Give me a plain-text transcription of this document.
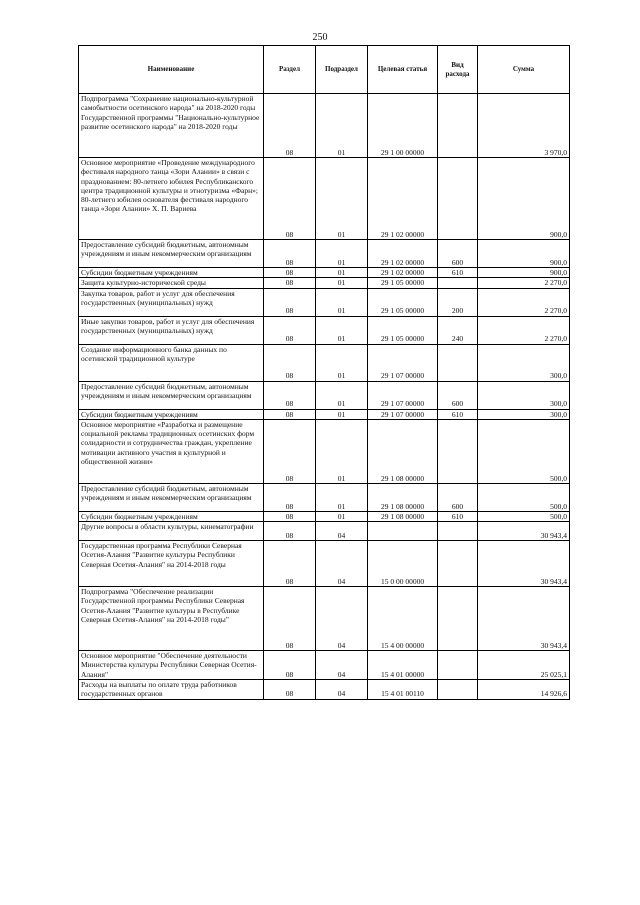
250
Наименование	Раздел	Подраздел	Целевая статья	Вид расхода	Сумма
Подпрограмма "Сохранение национально-культурной самобытности осетинского народа" на 2018-2020 годы Государственной программы "Национально-культурное развитие осетинского народа" на 2018-2020 годы	08	01	29 1 00 00000		3 970,0
Основное мероприятие «Проведение международного фестиваля народного танца «Зори Алании» в связи с празднованием: 80-летнего юбилея Республиканского центра традиционной культуры и этнотуризма «Фарн»; 80-летнего юбилея основателя фестиваля народного танца «Зори Алании» Х. П. Вариева	08	01	29 1 02 00000		900,0
Предоставление субсидий бюджетным, автономным учреждениям и иным некоммерческим организациям	08	01	29 1 02 00000	600	900,0
Субсидии бюджетным учреждениям	08	01	29 1 02 00000	610	900,0
Защита культурно-исторической среды	08	01	29 1 05 00000		2 270,0
Закупка товаров, работ и услуг для обеспечения государственных (муниципальных) нужд	08	01	29 1 05 00000	200	2 270,0
Иные закупки товаров, работ и услуг для обеспечения государственных (муниципальных) нужд	08	01	29 1 05 00000	240	2 270,0
Создание информационного банка данных по осетинской традиционной культуре	08	01	29 1 07 00000		300,0
Предоставление субсидий бюджетным, автономным учреждениям и иным некоммерческим организациям	08	01	29 1 07 00000	600	300,0
Субсидии бюджетным учреждениям	08	01	29 1 07 00000	610	300,0
Основное мероприятие «Разработка и размещение социальной рекламы традиционных осетинских форм солидарности и сотрудничества граждан, укрепление мотивации активного участия в культурной и общественной жизни»	08	01	29 1 08 00000		500,0
Предоставление субсидий бюджетным, автономным учреждениям и иным некоммерческим организациям	08	01	29 1 08 00000	600	500,0
Субсидии бюджетным учреждениям	08	01	29 1 08 00000	610	500,0
Другие вопросы в области культуры, кинематографии	08	04			30 943,4
Государственная программа Республики Северная Осетия-Алания "Развитие культуры Республики Северная Осетия-Алания" на 2014-2018 годы	08	04	15 0 00 00000		30 943,4
Подпрограмма "Обеспечение реализации Государственной программы Республики Северная Осетия-Алания "Развитие культуры в Республике Северная Осетия-Алания" на 2014-2018 годы"	08	04	15 4 00 00000		30 943,4
Основное мероприятие "Обеспечение деятельности Министерства культуры Республики Северная Осетия-Алания"	08	04	15 4 01 00000		25 025,1
Расходы на выплаты по оплате труда работников государственных органов	08	04	15 4 01 00110		14 926,6
